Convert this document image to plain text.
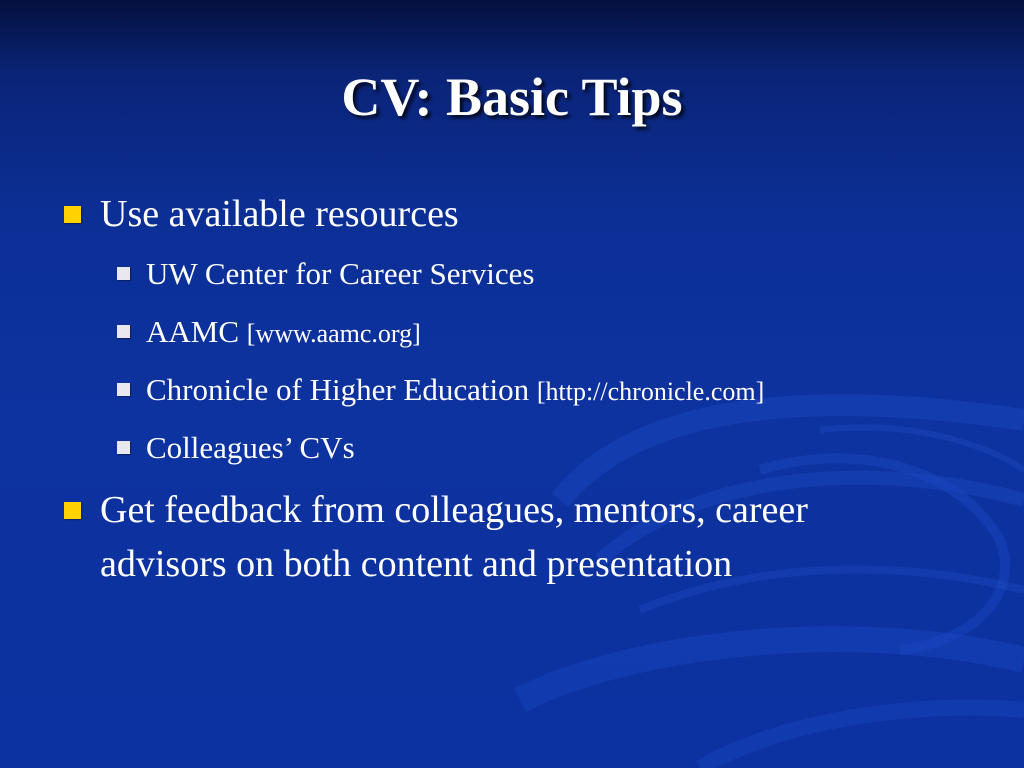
CV: Basic Tips
Use available resources
UW Center for Career Services
AAMC [www.aamc.org]
Chronicle of Higher Education [http://chronicle.com]
Colleagues’ CVs
Get feedback from colleagues, mentors, career
advisors on both content and presentation
